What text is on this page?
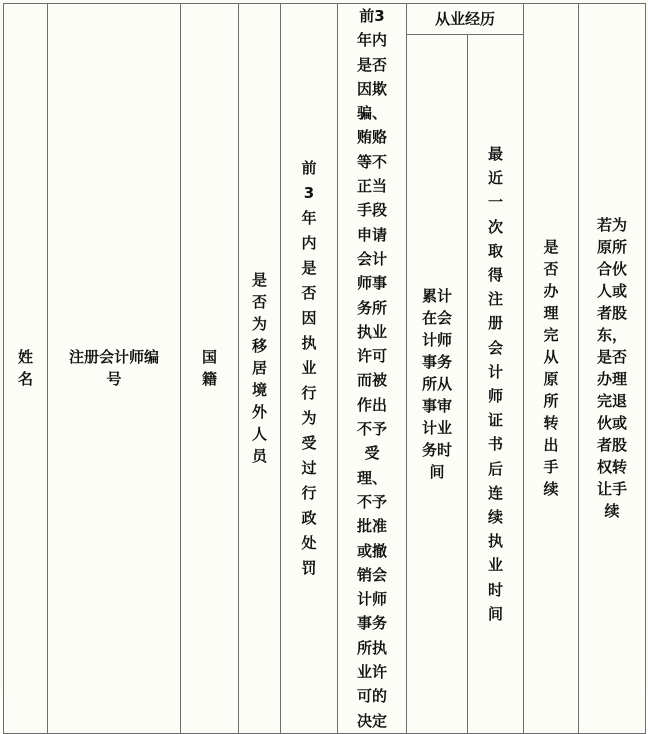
姓名	注册会计师编号	国籍	是否为移居境外人员	前3年内是否因执业行为受过行政处罚	前3年内是否因欺骗、贿赂等不正当手段申请会计师事务所执业许可而被作出不予受理、不予批准或撤销会计师事务所执业许可的决定	从业经历		是否办理完从原所转出手续	若为原所合伙人或者股东，是否办理完退伙或者股权转让手续
						累计在会计师事务所从事审计业务时间	最近一次取得注册会计师证书后连续执业时间		
